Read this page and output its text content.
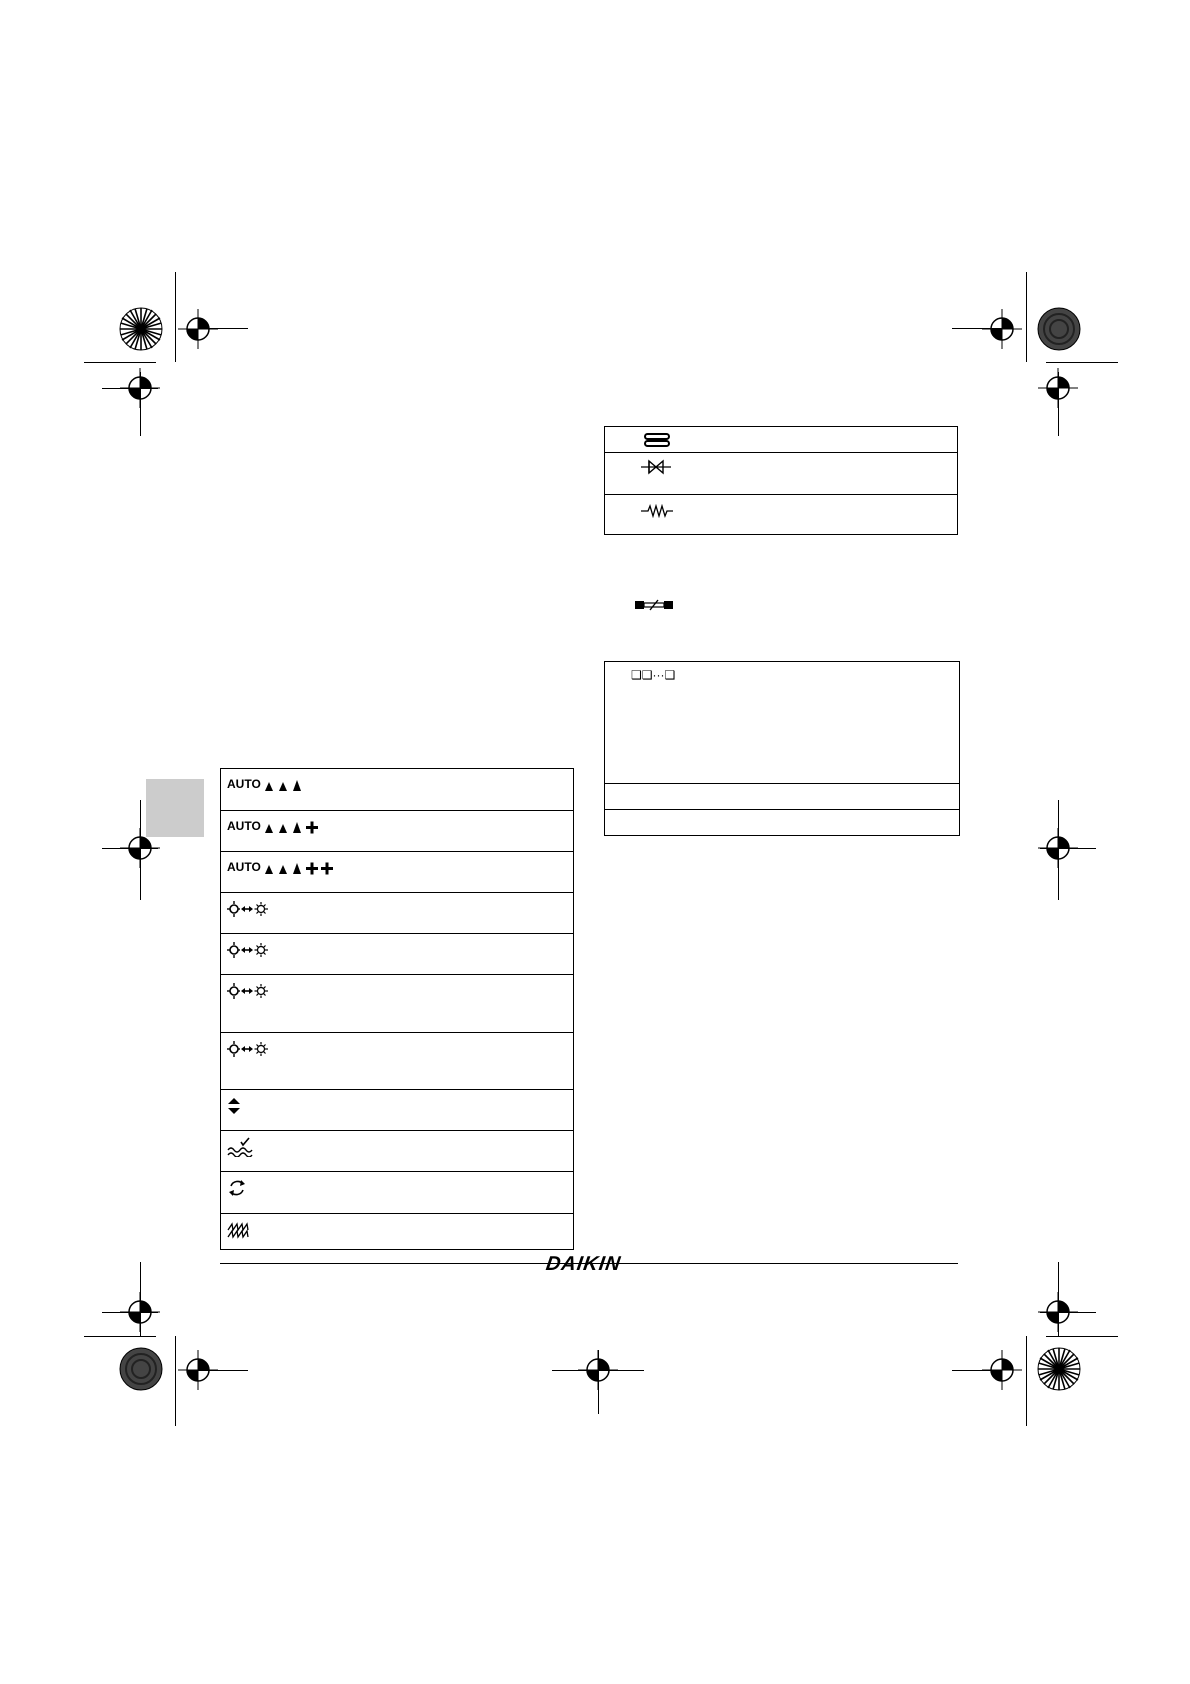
AUTO
AUTO
AUTO
❑❑···❑
DAIKIN
